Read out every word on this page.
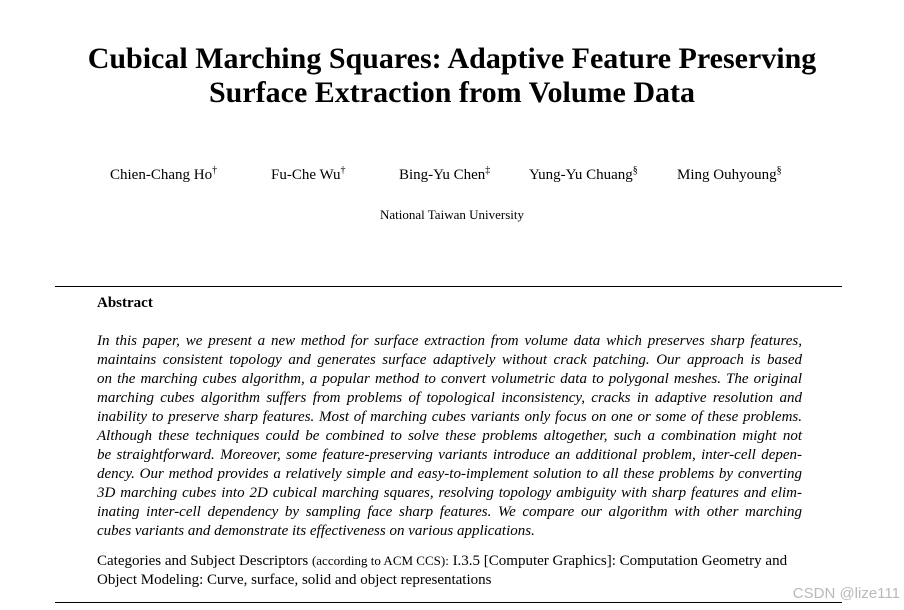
Cubical Marching Squares: Adaptive Feature Preserving
Surface Extraction from Volume Data
Chien-Chang Ho†	Fu-Che Wu†	Bing-Yu Chen‡	Yung-Yu Chuang§	Ming Ouhyoung§
National Taiwan University
Abstract

In this paper, we present a new method for surface extraction from volume data which preserves sharp features,
maintains consistent topology and generates surface adaptively without crack patching. Our approach is based
on the marching cubes algorithm, a popular method to convert volumetric data to polygonal meshes. The original
marching cubes algorithm suffers from problems of topological inconsistency, cracks in adaptive resolution and
inability to preserve sharp features. Most of marching cubes variants only focus on one or some of these problems.
Although these techniques could be combined to solve these problems altogether, such a combination might not
be straightforward. Moreover, some feature-preserving variants introduce an additional problem, inter-cell depen-
dency. Our method provides a relatively simple and easy-to-implement solution to all these problems by converting
3D marching cubes into 2D cubical marching squares, resolving topology ambiguity with sharp features and elim-
inating inter-cell dependency by sampling face sharp features. We compare our algorithm with other marching
cubes variants and demonstrate its effectiveness on various applications.

Categories and Subject Descriptors (according to ACM CCS): I.3.5 [Computer Graphics]: Computation Geometry and Object Modeling: Curve, surface, solid and object representations

CSDN @lize111
